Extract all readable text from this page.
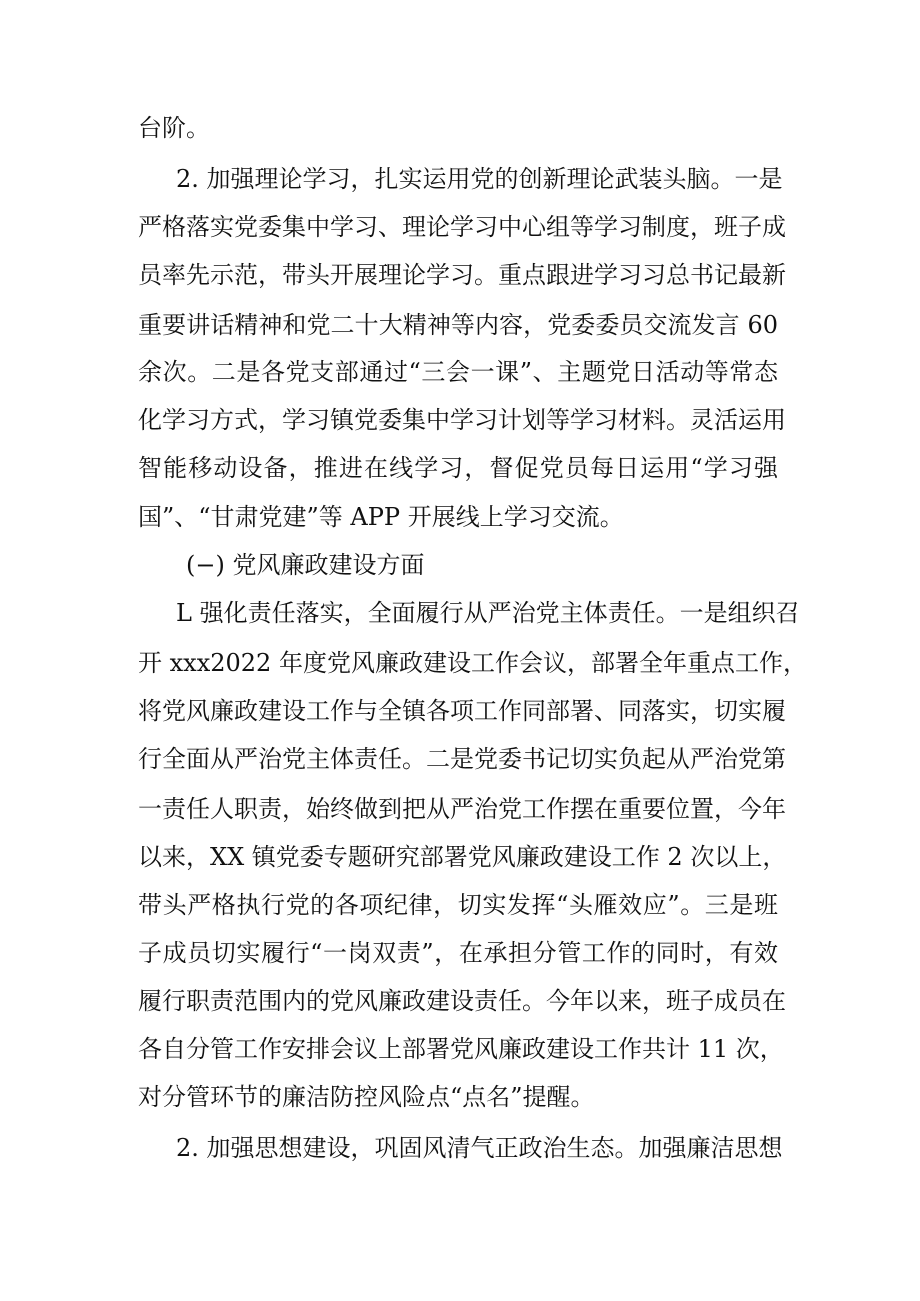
台阶。
2. 加强理论学习，扎实运用党的创新理论武装头脑。一是
严格落实党委集中学习、理论学习中心组等学习制度，班子成
员率先示范，带头开展理论学习。重点跟进学习习总书记最新
重要讲话精神和党二十大精神等内容，党委委员交流发言 60
余次。二是各党支部通过“三会一课”、主题党日活动等常态
化学习方式，学习镇党委集中学习计划等学习材料。灵活运用
智能移动设备，推进在线学习，督促党员每日运用“学习强
国”、“甘肃党建”等 APP 开展线上学习交流。
(−) 党风廉政建设方面
L 强化责任落实，全面履行从严治党主体责任。一是组织召
开 xxx2022 年度党风廉政建设工作会议，部署全年重点工作，
将党风廉政建设工作与全镇各项工作同部署、同落实，切实履
行全面从严治党主体责任。二是党委书记切实负起从严治党第
一责任人职责，始终做到把从严治党工作摆在重要位置，今年
以来，XX 镇党委专题研究部署党风廉政建设工作 2 次以上，
带头严格执行党的各项纪律，切实发挥“头雁效应”。三是班
子成员切实履行“一岗双责”，在承担分管工作的同时，有效
履行职责范围内的党风廉政建设责任。今年以来，班子成员在
各自分管工作安排会议上部署党风廉政建设工作共计 11 次，
对分管环节的廉洁防控风险点“点名”提醒。
2. 加强思想建设，巩固风清气正政治生态。加强廉洁思想
